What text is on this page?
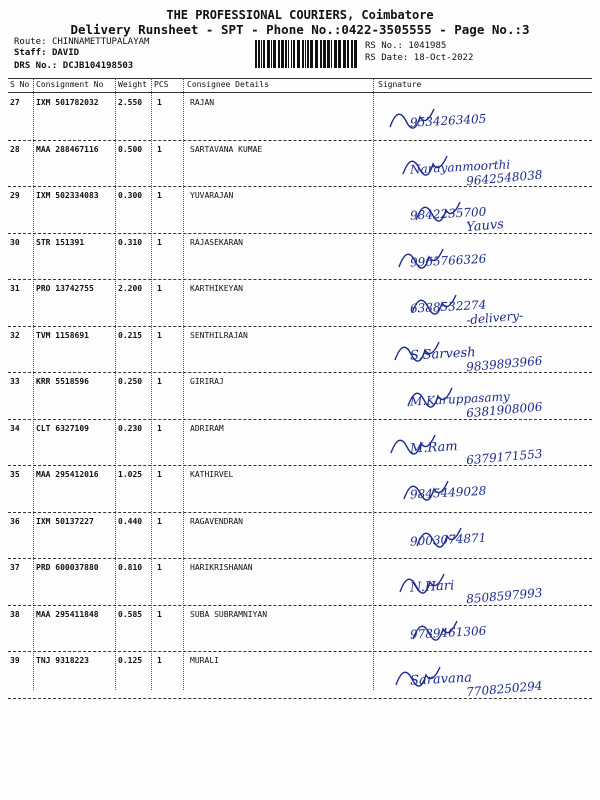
THE PROFESSIONAL COURIERS, Coimbatore
Delivery Runsheet - SPT - Phone No.:0422-3505555 - Page No.:3
Route: CHINNAMETTUPALAYAM
Staff: DAVID
DRS No.: DCJB104198503
RS No.: 1041985
RS Date: 18-Oct-2022
S No Consignment No Weight PCS Consignee Details	Signature
27 IXM 501782032 2.550 1	RAJAN
9534263405
28 MAA 288467116 0.500 1	SARTAVANA KUMAE
Narayanmoorthi
9642548038
29 IXM 502334083 0.300 1	YUVARAJAN
9842235700
Yauvs
30 STR 151391	0.310 1	RAJASEKARAN
9965766326
31 PRO 13742755	2.200 1	KARTHIKEYAN
6388532274
-delivery-
32 TVM 1158691	0.215 1	SENTHILRAJAN
S.Sarvesh
9839893966
33 KRR 5518596	0.250 1	GIRIRAJ
M.Karuppasamy
6381908006
34 CLT 6327109	0.230 1	ADRIRAM
M.Ram 6379171553
35 MAA 295412016 1.025 1	KATHIRVEL
9845449028
36 IXM 50137227	0.440 1	RAGAVENDRAN
9003074871
37 PRD 600037880 0.810 1	HARIKRISHANAN
N.Hari 8508597993
38 MAA 295411848 0.585 1	SUBA SUBRAMNIYAN
9789461306
39 TNJ 9318223	0.125 1	MURALI
Saravana
7708250294
